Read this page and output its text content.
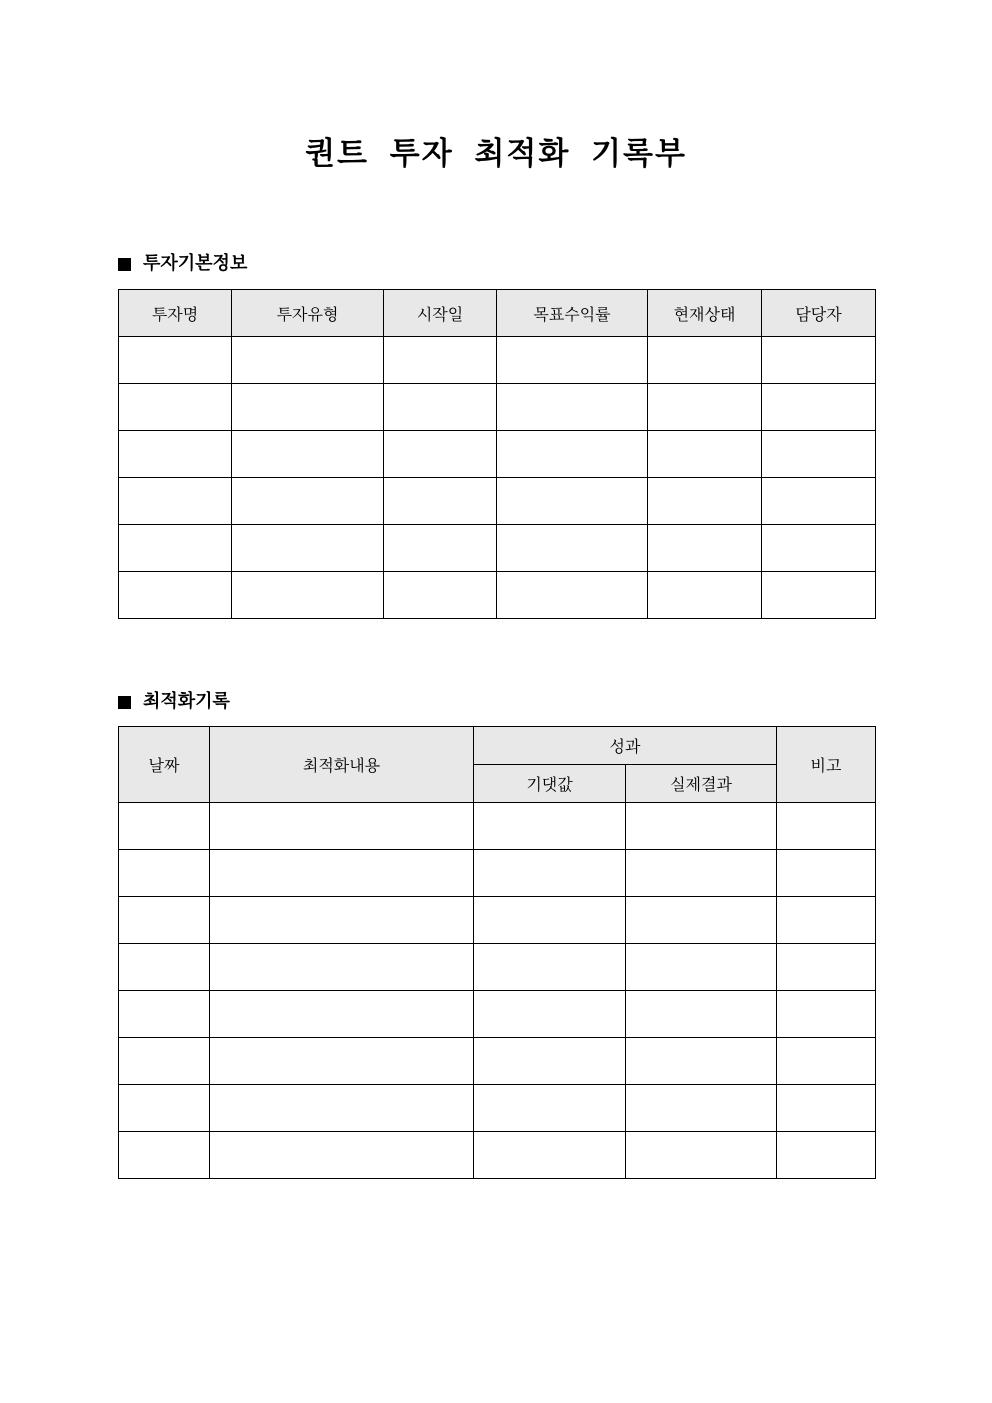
퀀트 투자 최적화 기록부
투자기본정보
투자명	투자유형	시작일	목표수익률	현재상태	담당자

최적화기록
날짜	최적화내용	성과		비고
		기댓값	실제결과	
